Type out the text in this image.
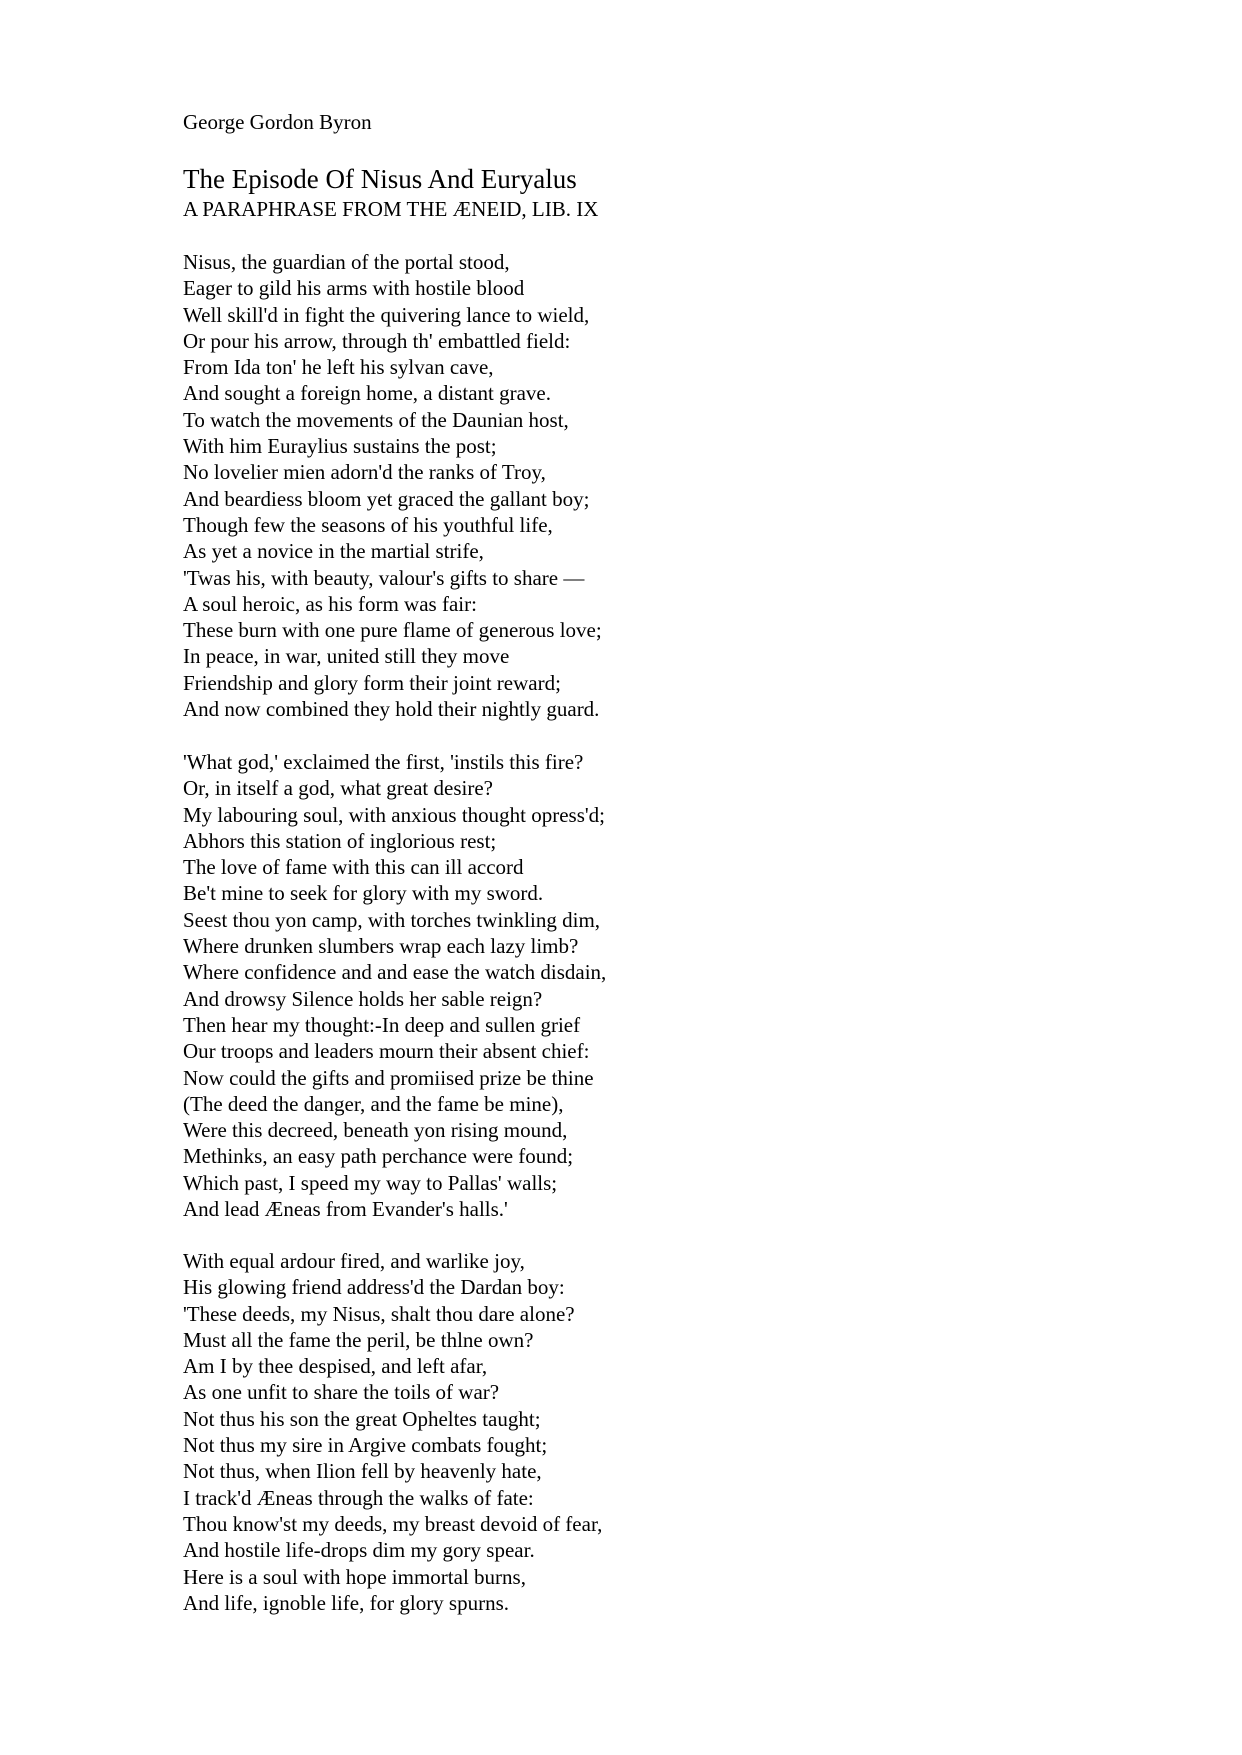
George Gordon Byron
The Episode Of Nisus And Euryalus
A PARAPHRASE FROM THE ÆNEID, LIB. IX
Nisus, the guardian of the portal stood,
Eager to gild his arms with hostile blood
Well skill'd in fight the quivering lance to wield,
Or pour his arrow, through th' embattled field:
From Ida ton' he left his sylvan cave,
And sought a foreign home, a distant grave.
To watch the movements of the Daunian host,
With him Euraylius sustains the post;
No lovelier mien adorn'd the ranks of Troy,
And beardiess bloom yet graced the gallant boy;
Though few the seasons of his youthful life,
As yet a novice in the martial strife,
'Twas his, with beauty, valour's gifts to share —
A soul heroic, as his form was fair:
These burn with one pure flame of generous love;
In peace, in war, united still they move
Friendship and glory form their joint reward;
And now combined they hold their nightly guard.
'What god,' exclaimed the first, 'instils this fire?
Or, in itself a god, what great desire?
My labouring soul, with anxious thought opress'd;
Abhors this station of inglorious rest;
The love of fame with this can ill accord
Be't mine to seek for glory with my sword.
Seest thou yon camp, with torches twinkling dim,
Where drunken slumbers wrap each lazy limb?
Where confidence and and ease the watch disdain,
And drowsy Silence holds her sable reign?
Then hear my thought:-In deep and sullen grief
Our troops and leaders mourn their absent chief:
Now could the gifts and promiised prize be thine
(The deed the danger, and the fame be mine),
Were this decreed, beneath yon rising mound,
Methinks, an easy path perchance were found;
Which past, I speed my way to Pallas' walls;
And lead Æneas from Evander's halls.'
With equal ardour fired, and warlike joy,
His glowing friend address'd the Dardan boy:
'These deeds, my Nisus, shalt thou dare alone?
Must all the fame the peril, be thlne own?
Am I by thee despised, and left afar,
As one unfit to share the toils of war?
Not thus his son the great Opheltes taught;
Not thus my sire in Argive combats fought;
Not thus, when Ilion fell by heavenly hate,
I track'd Æneas through the walks of fate:
Thou know'st my deeds, my breast devoid of fear,
And hostile life-drops dim my gory spear.
Here is a soul with hope immortal burns,
And life, ignoble life, for glory spurns.
